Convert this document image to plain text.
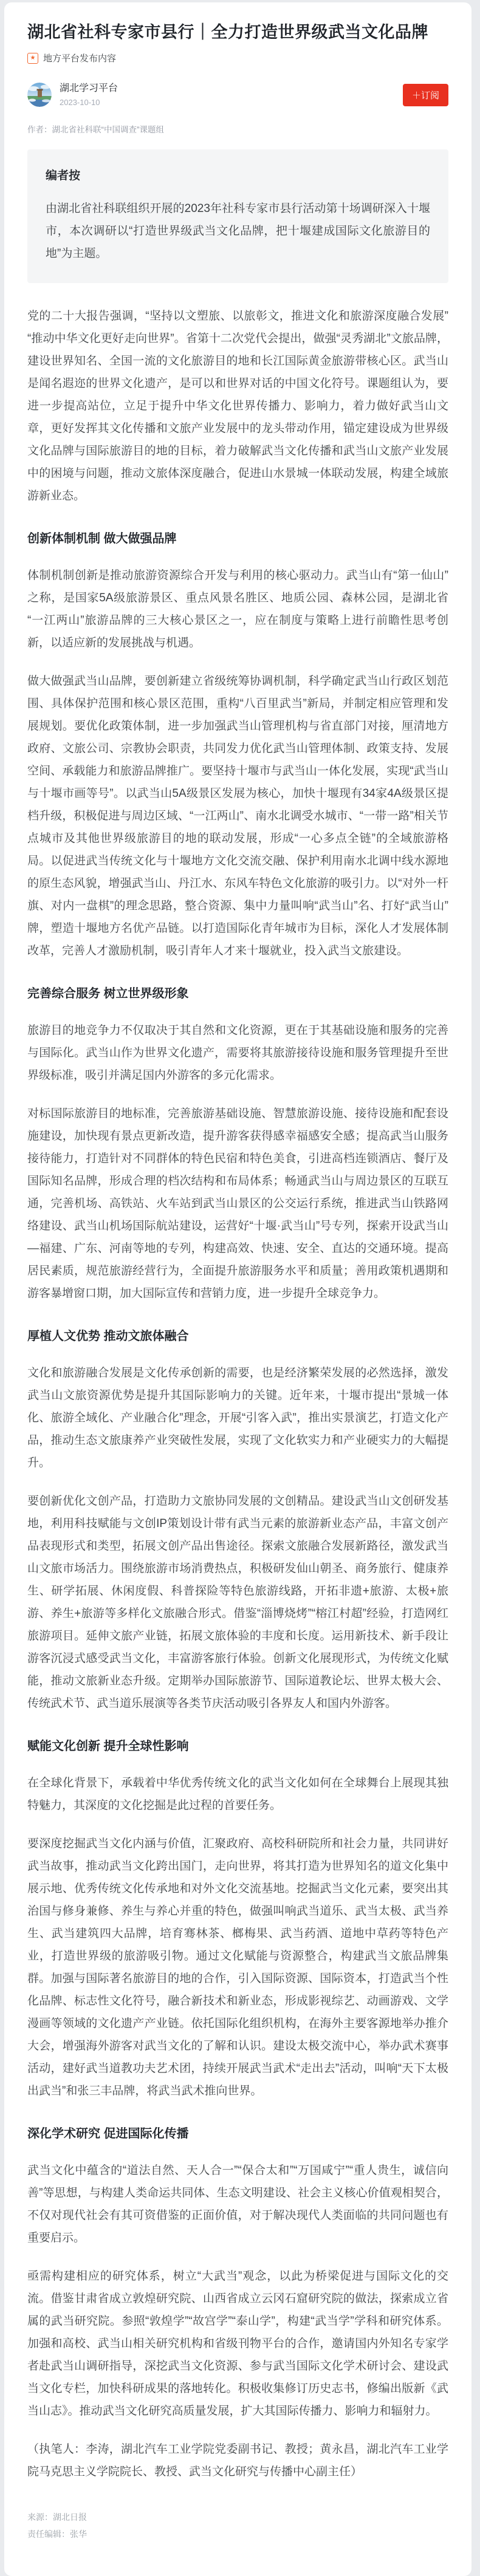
湖北省社科专家市县行｜全力打造世界级武当文化品牌
★ 地方平台发布内容
湖北学习平台
2023-10-10
＋订阅
作者：湖北省社科联“中国调查”课题组
编者按

由湖北省社科联组织开展的2023年社科专家市县行活动第十场调研深入十堰市，本次调研以“打造世界级武当文化品牌，把十堰建成国际文化旅游目的地”为主题。

党的二十大报告强调，“坚持以文塑旅、以旅彰文，推进文化和旅游深度融合发展”“推动中华文化更好走向世界”。省第十二次党代会提出，做强“灵秀湖北”文旅品牌，建设世界知名、全国一流的文化旅游目的地和长江国际黄金旅游带核心区。武当山是闻名遐迩的世界文化遗产，是可以和世界对话的中国文化符号。课题组认为，要进一步提高站位，立足于提升中华文化世界传播力、影响力，着力做好武当山文章，更好发挥其文化传播和文旅产业发展中的龙头带动作用，锚定建设成为世界级文化品牌与国际旅游目的地的目标，着力破解武当文化传播和武当山文旅产业发展中的困境与问题，推动文旅体深度融合，促进山水景城一体联动发展，构建全域旅游新业态。

创新体制机制 做大做强品牌

体制机制创新是推动旅游资源综合开发与利用的核心驱动力。武当山有“第一仙山”之称，是国家5A级旅游景区、重点风景名胜区、地质公园、森林公园，是湖北省“一江两山”旅游品牌的三大核心景区之一，应在制度与策略上进行前瞻性思考创新，以适应新的发展挑战与机遇。

做大做强武当山品牌，要创新建立省级统筹协调机制，科学确定武当山行政区划范围、具体保护范围和核心景区范围，重构“八百里武当”新局，并制定相应管理和发展规划。要优化政策体制，进一步加强武当山管理机构与省直部门对接，厘清地方政府、文旅公司、宗教协会职责，共同发力优化武当山管理体制、政策支持、发展空间、承载能力和旅游品牌推广。要坚持十堰市与武当山一体化发展，实现“武当山与十堰市画等号”。以武当山5A级景区发展为核心，加快十堰现有34家4A级景区提档升级，积极促进与周边区域、“一江两山”、南水北调受水城市、“一带一路”相关节点城市及其他世界级旅游目的地的联动发展，形成“一心多点全链”的全域旅游格局。以促进武当传统文化与十堰地方文化交流交融、保护利用南水北调中线水源地的原生态风貌，增强武当山、丹江水、东风车特色文化旅游的吸引力。以“对外一杆旗、对内一盘棋”的理念思路，整合资源、集中力量叫响“武当山”名、打好“武当山”牌，塑造十堰地方名优产品链。以打造国际化青年城市为目标，深化人才发展体制改革，完善人才激励机制，吸引青年人才来十堰就业，投入武当文旅建设。

完善综合服务 树立世界级形象

旅游目的地竞争力不仅取决于其自然和文化资源，更在于其基础设施和服务的完善与国际化。武当山作为世界文化遗产，需要将其旅游接待设施和服务管理提升至世界级标准，吸引并满足国内外游客的多元化需求。

对标国际旅游目的地标准，完善旅游基础设施、智慧旅游设施、接待设施和配套设施建设，加快现有景点更新改造，提升游客获得感幸福感安全感；提高武当山服务接待能力，打造针对不同群体的特色民宿和特色美食，引进高档连锁酒店、餐厅及国际知名品牌，形成合理的档次结构和布局体系；畅通武当山与周边景区的互联互通，完善机场、高铁站、火车站到武当山景区的公交运行系统，推进武当山铁路网络建设、武当山机场国际航站建设，运营好“十堰·武当山”号专列，探索开设武当山—福建、广东、河南等地的专列，构建高效、快速、安全、直达的交通环境。提高居民素质，规范旅游经营行为，全面提升旅游服务水平和质量；善用政策机遇期和游客暴增窗口期，加大国际宣传和营销力度，进一步提升全球竞争力。

厚植人文优势 推动文旅体融合

文化和旅游融合发展是文化传承创新的需要，也是经济繁荣发展的必然选择，激发武当山文旅资源优势是提升其国际影响力的关键。近年来，十堰市提出“景城一体化、旅游全域化、产业融合化”理念，开展“引客入武”，推出实景演艺，打造文化产品，推动生态文旅康养产业突破性发展，实现了文化软实力和产业硬实力的大幅提升。

要创新优化文创产品，打造助力文旅协同发展的文创精品。建设武当山文创研发基地，利用科技赋能与文创IP策划设计带有武当元素的旅游新业态产品，丰富文创产品表现形式和类型，拓展文创产品出售途径。探索文旅融合发展新路径，激发武当山文旅市场活力。围绕旅游市场消费热点，积极研发仙山朝圣、商务旅行、健康养生、研学拓展、休闲度假、科普探险等特色旅游线路，开拓非遗+旅游、太极+旅游、养生+旅游等多样化文旅融合形式。借鉴“淄博烧烤”“榕江村超”经验，打造网红旅游项目。延伸文旅产业链，拓展文旅体验的丰度和长度。运用新技术、新手段让游客沉浸式感受武当文化，丰富游客旅行体验。创新文化展现形式，为传统文化赋能，推动文旅新业态升级。定期举办国际旅游节、国际道教论坛、世界太极大会、传统武术节、武当道乐展演等各类节庆活动吸引各界友人和国内外游客。

赋能文化创新 提升全球性影响

在全球化背景下，承载着中华优秀传统文化的武当文化如何在全球舞台上展现其独特魅力，其深度的文化挖掘是此过程的首要任务。

要深度挖掘武当文化内涵与价值，汇聚政府、高校科研院所和社会力量，共同讲好武当故事，推动武当文化跨出国门，走向世界，将其打造为世界知名的道文化集中展示地、优秀传统文化传承地和对外文化交流基地。挖掘武当文化元素，要突出其治国与修身兼修、养生与养心并重的特色，做强叫响武当道乐、武当太极、武当养生、武当建筑四大品牌，培育骞林茶、榔梅果、武当药酒、道地中草药等特色产业，打造世界级的旅游吸引物。通过文化赋能与资源整合，构建武当文旅品牌集群。加强与国际著名旅游目的地的合作，引入国际资源、国际资本，打造武当个性化品牌、标志性文化符号，融合新技术和新业态，形成影视综艺、动画游戏、文学漫画等领域的文化遗产产业链。依托国际化组织机构，在海外主要客源地举办推介大会，增强海外游客对武当文化的了解和认识。建设太极交流中心，举办武术赛事活动，建好武当道教功夫艺术团，持续开展武当武术“走出去”活动，叫响“天下太极出武当”和张三丰品牌，将武当武术推向世界。

深化学术研究 促进国际化传播

武当文化中蕴含的“道法自然、天人合一”“保合太和”“万国咸宁”“重人贵生，诚信向善”等思想，与构建人类命运共同体、生态文明建设、社会主义核心价值观相契合，不仅对现代社会有其可资借鉴的正面价值，对于解决现代人类面临的共同问题也有重要启示。

亟需构建相应的研究体系，树立“大武当”观念，以此为桥梁促进与国际文化的交流。借鉴甘肃省成立敦煌研究院、山西省成立云冈石窟研究院的做法，探索成立省属的武当研究院。参照“敦煌学”“故宫学”“泰山学”，构建“武当学”学科和研究体系。加强和高校、武当山相关研究机构和省级刊物平台的合作，邀请国内外知名专家学者赴武当山调研指导，深挖武当文化资源、参与武当国际文化学术研讨会、建设武当文化专栏，加快科研成果的落地转化。积极收集修订历史志书，修编出版新《武当山志》。推动武当文化研究高质量发展，扩大其国际传播力、影响力和辐射力。

（执笔人：李涛，湖北汽车工业学院党委副书记、教授；黄永昌，湖北汽车工业学院马克思主义学院院长、教授、武当文化研究与传播中心副主任）

来源：湖北日报
责任编辑：张华
